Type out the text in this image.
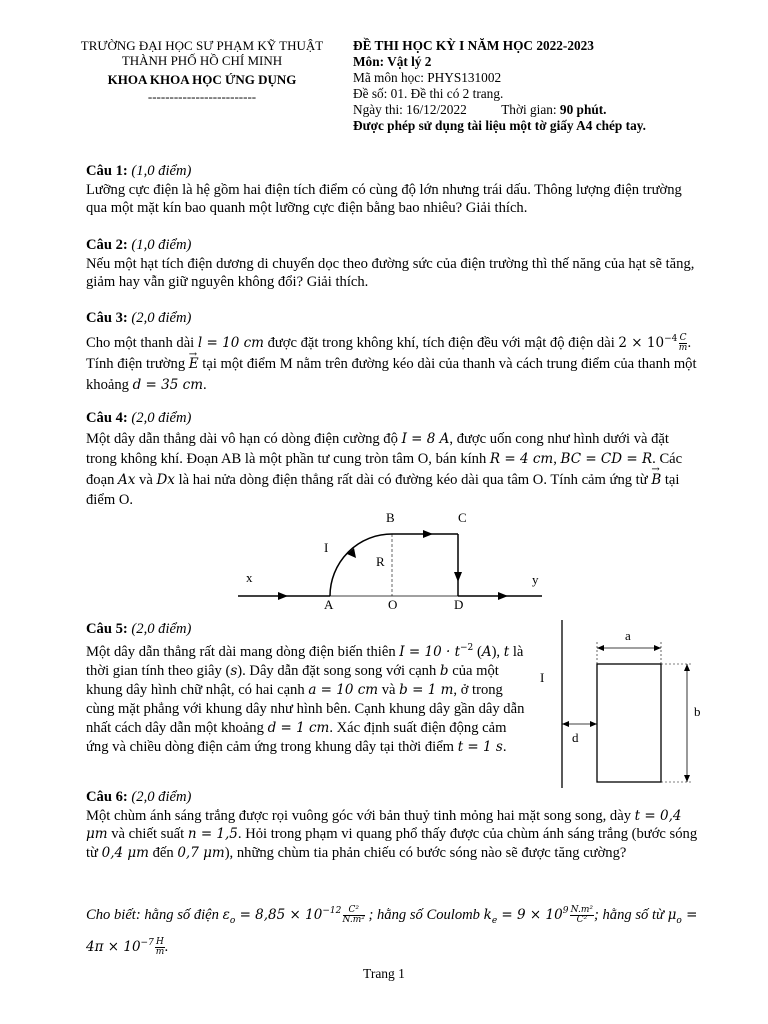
TRƯỜNG ĐẠI HỌC SƯ PHẠM KỸ THUẬT
THÀNH PHỐ HỒ CHÍ MINH
KHOA KHOA HỌC ỨNG DỤNG
-------------------------
ĐỀ THI HỌC KỲ I NĂM HỌC 2022-2023
Môn: Vật lý 2
Mã môn học: PHYS131002
Đề số: 01. Đề thi có 2 trang.
Ngày thi: 16/12/2022	Thời gian: 90 phút.
Được phép sử dụng tài liệu một tờ giấy A4 chép tay.
Câu 1: (1,0 điểm)
Lưỡng cực điện là hệ gồm hai điện tích điểm có cùng độ lớn nhưng trái dấu. Thông lượng điện trường qua một mặt kín bao quanh một lưỡng cực điện bằng bao nhiêu? Giải thích.
Câu 2: (1,0 điểm)
Nếu một hạt tích điện dương di chuyển dọc theo đường sức của điện trường thì thế năng của hạt sẽ tăng, giảm hay vẫn giữ nguyên không đổi? Giải thích.
Câu 3: (2,0 điểm)
Cho một thanh dài l = 10 cm được đặt trong không khí, tích điện đều với mật độ điện dài $2 \times 10^{-4}$  $\frac{C}{m}$ . Tính điện trường → E tại một điểm M nằm trên đường kéo dài của thanh và cách trung điểm của thanh một khoảng d = 35 cm.
Câu 4: (2,0 điểm)
Một dây dẫn thẳng dài vô hạn có dòng điện cường độ I = 8 A, được uốn cong như hình dưới và đặt trong không khí. Đoạn AB là một phần tư cung tròn tâm O, bán kính R = 4 cm, BC = CD = R. Các đoạn Ax và Dx là hai nửa dòng điện thẳng rất dài có đường kéo dài qua tâm O. Tính cảm ứng từ → B tại điểm O.
x	y
A	O	D
B	C
I
R
Câu 5: (2,0 điểm)
Một dây dẫn thẳng rất dài mang dòng điện biến thiên $I = 10 \cdot t^{-2}$ (A), t là thời gian tính theo giây (s). Dây dẫn đặt song song với cạnh b của một khung dây hình chữ nhật, có hai cạnh a = 10 cm và b = 1 m, ở trong cùng mặt phẳng với khung dây như hình bên. Cạnh khung dây gần dây dẫn nhất cách dây dẫn một khoảng d = 1 cm. Xác định suất điện động cảm ứng và chiều dòng điện cảm ứng trong khung dây tại thời điểm t = 1 s.
I
a
b
d
Câu 6: (2,0 điểm)
Một chùm ánh sáng trắng được rọi vuông góc với bản thuỷ tinh mỏng hai mặt song song, dày t = 0,4 μm và chiết suất n = 1,5. Hỏi trong phạm vi quang phổ thấy được của chùm ánh sáng trắng (bước sóng từ 0,4 μm đến 0,7 μm), những chùm tia phản chiếu có bước sóng nào sẽ được tăng cường?
Cho biết: hằng số điện $\varepsilon_o = 8,85 \times 10^{-12}$  $\frac{\text{C²}}{\text{N.m²}}$ ; hằng số Coulomb $k_e = 9 \times 10^9$  $\frac{\text{N.m²}}{\text{C²}}$ ; hằng số từ $\mu_o = 4\pi \times 10^{-7}$  $\frac{H}{m}$ .
Trang 1
